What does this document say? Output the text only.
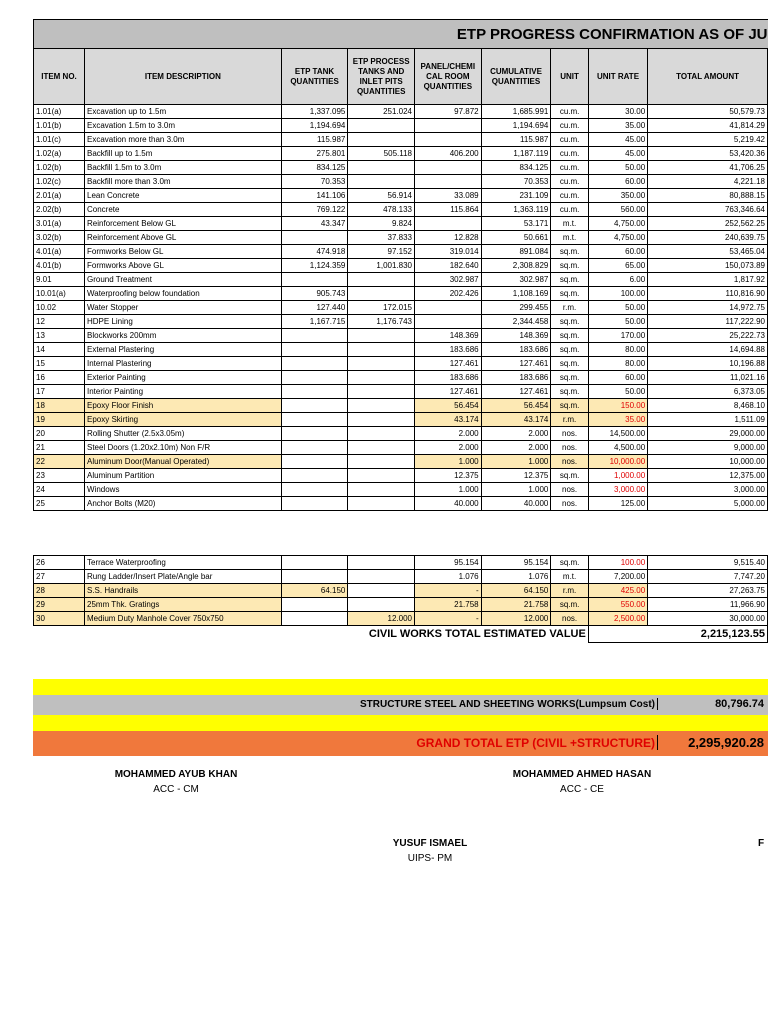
ETP PROGRESS CONFIRMATION AS OF JU								
ITEM NO.	ITEM DESCRIPTION	ETP TANK QUANTITIES	ETP PROCESS TANKS AND INLET PITS QUANTITIES	PANEL/CHEMI CAL ROOM QUANTITIES	CUMULATIVE QUANTITIES	UNIT	UNIT RATE	TOTAL AMOUNT
1.01(a)	Excavation up to 1.5m	1,337.095	251.024	97.872	1,685.991	cu.m.	30.00	50,579.73
1.01(b)	Excavation 1.5m to 3.0m	1,194.694			1,194.694	cu.m.	35.00	41,814.29
1.01(c)	Excavation more than 3.0m	115.987			115.987	cu.m.	45.00	5,219.42
1.02(a)	Backfill up to 1.5m	275.801	505.118	406.200	1,187.119	cu.m.	45.00	53,420.36
1.02(b)	Backfill 1.5m to 3.0m	834.125			834.125	cu.m.	50.00	41,706.25
1.02(c)	Backfill more than 3.0m	70.353			70.353	cu.m.	60.00	4,221.18
2.01(a)	Lean Concrete	141.106	56.914	33.089	231.109	cu.m.	350.00	80,888.15
2.02(b)	Concrete	769.122	478.133	115.864	1,363.119	cu.m.	560.00	763,346.64
3.01(a)	Reinforcement Below GL	43.347	9.824		53.171	m.t.	4,750.00	252,562.25
3.02(b)	Reinforcement Above GL		37.833	12.828	50.661	m.t.	4,750.00	240,639.75
4.01(a)	Formworks Below GL	474.918	97.152	319.014	891.084	sq.m.	60.00	53,465.04
4.01(b)	Formworks Above GL	1,124.359	1,001.830	182.640	2,308.829	sq.m.	65.00	150,073.89
9.01	Ground Treatment			302.987	302.987	sq.m.	6.00	1,817.92
10.01(a)	Waterproofing below foundation	905.743		202.426	1,108.169	sq.m.	100.00	110,816.90
10.02	Water Stopper	127.440	172.015		299.455	r.m.	50.00	14,972.75
12	HDPE Lining	1,167.715	1,176.743		2,344.458	sq.m.	50.00	117,222.90
13	Blockworks 200mm			148.369	148.369	sq.m.	170.00	25,222.73
14	External Plastering			183.686	183.686	sq.m.	80.00	14,694.88
15	Internal Plastering			127.461	127.461	sq.m.	80.00	10,196.88
16	Exterior Painting			183.686	183.686	sq.m.	60.00	11,021.16
17	Interior Painting			127.461	127.461	sq.m.	50.00	6,373.05
18	Epoxy Floor Finish			56.454	56.454	sq.m.	150.00	8,468.10
19	Epoxy Skirting			43.174	43.174	r.m.	35.00	1,511.09
20	Rolling Shutter (2.5x3.05m)			2.000	2.000	nos.	14,500.00	29,000.00
21	Steel Doors (1.20x2.10m) Non F/R			2.000	2.000	nos.	4,500.00	9,000.00
22	Aluminum Door(Manual Operated)			1.000	1.000	nos.	10,000.00	10,000.00
23	Aluminum Partition			12.375	12.375	sq.m.	1,000.00	12,375.00
24	Windows			1.000	1.000	nos.	3,000.00	3,000.00
25	Anchor Bolts (M20)			40.000	40.000	nos.	125.00	5,000.00

26	Terrace Waterproofing			95.154	95.154	sq.m.	100.00	9,515.40
27	Rung Ladder/Insert Plate/Angle bar			1.076	1.076	m.t.	7,200.00	7,747.20
28	S.S. Handrails	64.150		-	64.150	r.m.	425.00	27,263.75
29	25mm Thk. Gratings			21.758	21.758	sq.m.	550.00	11,966.90
30	Medium Duty Manhole Cover 750x750		12.000	-	12.000	nos.	2,500.00	30,000.00
CIVIL WORKS TOTAL ESTIMATED VALUE							2,215,123.55	
STRUCTURE STEEL AND SHEETING WORKS(Lumpsum Cost)	80,796.74
GRAND TOTAL ETP (CIVIL +STRUCTURE)	2,295,920.28
MOHAMMED AYUB KHAN
ACC - CM
MOHAMMED AHMED HASAN
ACC - CE
YUSUF ISMAEL
UIPS- PM
F
